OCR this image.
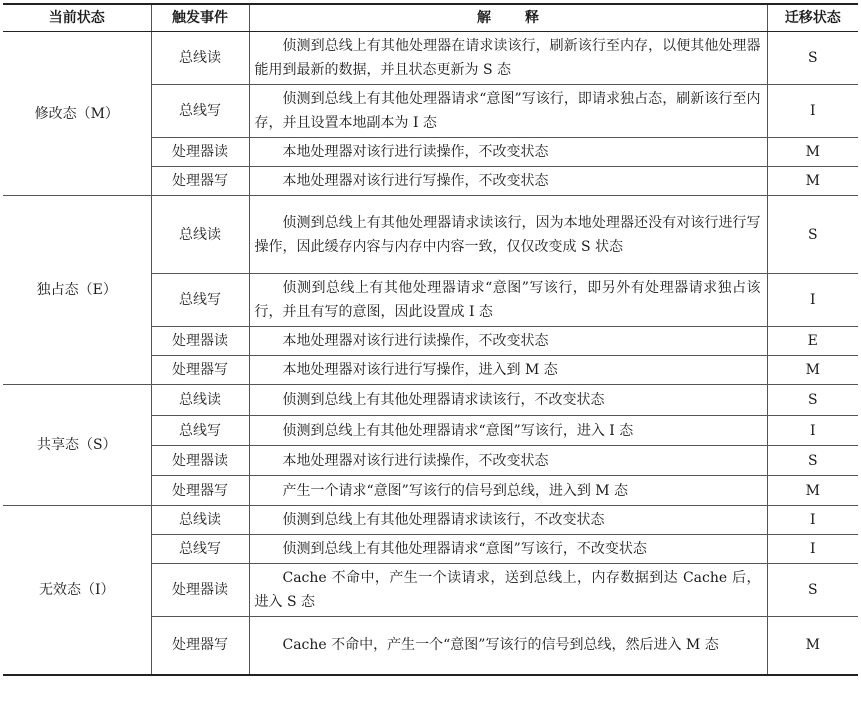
当前状态	触发事件	解释	迁移状态
修改态（M）	总线读	侦测到总线上有其他处理器在请求读该行，刷新该行至内存，以便其他处理器能用到最新的数据，并且状态更新为 S 态	S
	总线写	侦测到总线上有其他处理器请求“意图”写该行，即请求独占态，刷新该行至内存，并且设置本地副本为 I 态	I
	处理器读	本地处理器对该行进行读操作，不改变状态	M
	处理器写	本地处理器对该行进行写操作，不改变状态	M
独占态（E）	总线读	侦测到总线上有其他处理器请求读该行，因为本地处理器还没有对该行进行写操作，因此缓存内容与内存中内容一致，仅仅改变成 S 状态	S
	总线写	侦测到总线上有其他处理器请求“意图”写该行，即另外有处理器请求独占该行，并且有写的意图，因此设置成 I 态	I
	处理器读	本地处理器对该行进行读操作，不改变状态	E
	处理器写	本地处理器对该行进行写操作，进入到 M 态	M
共享态（S）	总线读	侦测到总线上有其他处理器请求读该行，不改变状态	S
	总线写	侦测到总线上有其他处理器请求“意图”写该行，进入 I 态	I
	处理器读	本地处理器对该行进行读操作，不改变状态	S
	处理器写	产生一个请求“意图”写该行的信号到总线，进入到 M 态	M
无效态（I）	总线读	侦测到总线上有其他处理器请求读该行，不改变状态	I
	总线写	侦测到总线上有其他处理器请求“意图”写该行，不改变状态	I
	处理器读	Cache 不命中，产生一个读请求，送到总线上，内存数据到达 Cache 后，进入 S 态	S
	处理器写	Cache 不命中，产生一个“意图”写该行的信号到总线，然后进入 M 态	M
